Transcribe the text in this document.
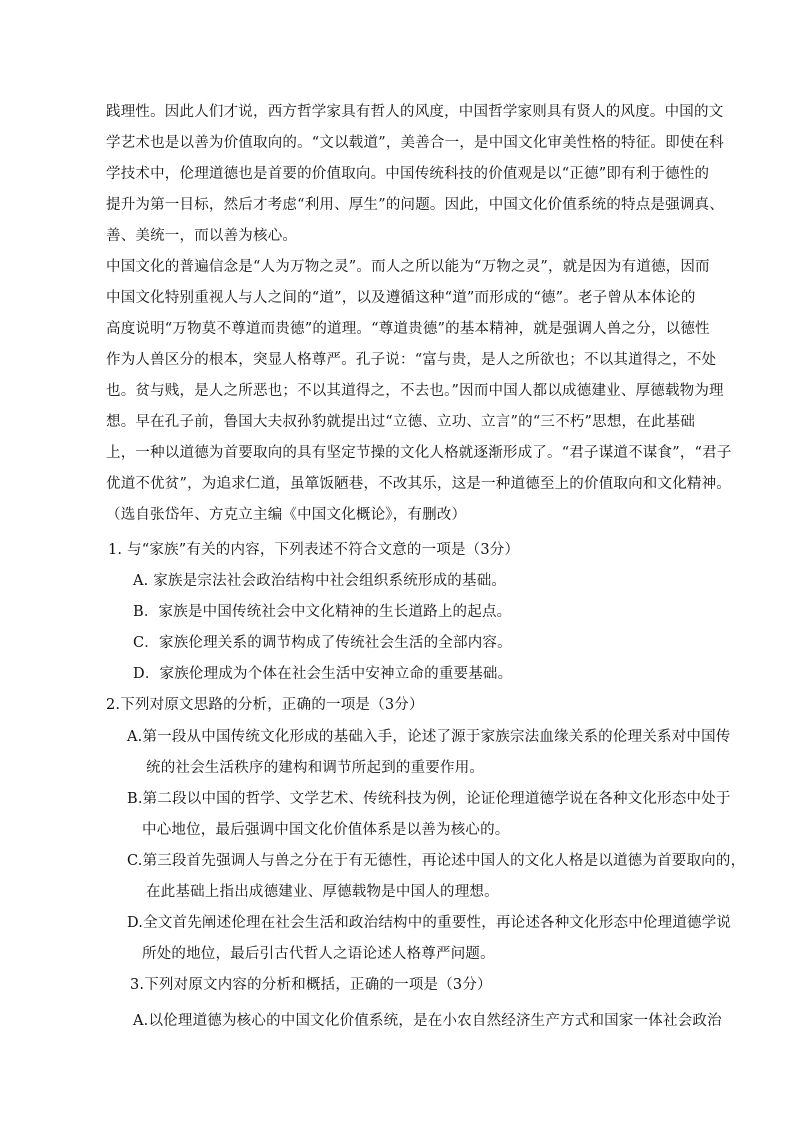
践理性。因此人们才说，西方哲学家具有哲人的风度，中国哲学家则具有贤人的风度。中国的文
学艺术也是以善为价值取向的。“文以载道”，美善合一，是中国文化审美性格的特征。即使在科
学技术中，伦理道德也是首要的价值取向。中国传统科技的价值观是以“正德”即有利于德性的
提升为第一目标，然后才考虑“利用、厚生”的问题。因此，中国文化价值系统的特点是强调真、
善、美统一，而以善为核心。
中国文化的普遍信念是“人为万物之灵”。而人之所以能为“万物之灵”，就是因为有道德，因而
中国文化特别重视人与人之间的“道”，以及遵循这种“道”而形成的“德”。老子曾从本体论的
高度说明“万物莫不尊道而贵德”的道理。“尊道贵德”的基本精神，就是强调人兽之分，以德性
作为人兽区分的根本，突显人格尊严。孔子说：“富与贵，是人之所欲也；不以其道得之，不处
也。贫与贱，是人之所恶也；不以其道得之，不去也。”因而中国人都以成德建业、厚德载物为理
想。早在孔子前，鲁国大夫叔孙豹就提出过“立德、立功、立言”的“三不朽”思想，在此基础
上，一种以道德为首要取向的具有坚定节操的文化人格就逐渐形成了。“君子谋道不谋食”，“君子
优道不优贫”，为追求仁道，虽箪饭陋巷，不改其乐，这是一种道德至上的价值取向和文化精神。
（选自张岱年、方克立主编《中国文化概论》，有删改）
1. 与“家族”有关的内容，下列表述不符合文意的一项是（3分）
A. 家族是宗法社会政治结构中社会组织系统形成的基础。
B．家族是中国传统社会中文化精神的生长道路上的起点。
C．家族伦理关系的调节构成了传统社会生活的全部内容。
D．家族伦理成为个体在社会生活中安神立命的重要基础。
2.下列对原文思路的分析，正确的一项是（3分）
A.第一段从中国传统文化形成的基础入手，论述了源于家族宗法血缘关系的伦理关系对中国传
统的社会生活秩序的建构和调节所起到的重要作用。
B.第二段以中国的哲学、文学艺术、传统科技为例，论证伦理道德学说在各种文化形态中处于
中心地位，最后强调中国文化价值体系是以善为核心的。
C.第三段首先强调人与兽之分在于有无德性，再论述中国人的文化人格是以道德为首要取向的，
在此基础上指出成德建业、厚德载物是中国人的理想。
D.全文首先阐述伦理在社会生活和政治结构中的重要性，再论述各种文化形态中伦理道德学说
所处的地位，最后引古代哲人之语论述人格尊严问题。
3.下列对原文内容的分析和概括，正确的一项是（3分）
A.以伦理道德为核心的中国文化价值系统，是在小农自然经济生产方式和国家一体社会政治
